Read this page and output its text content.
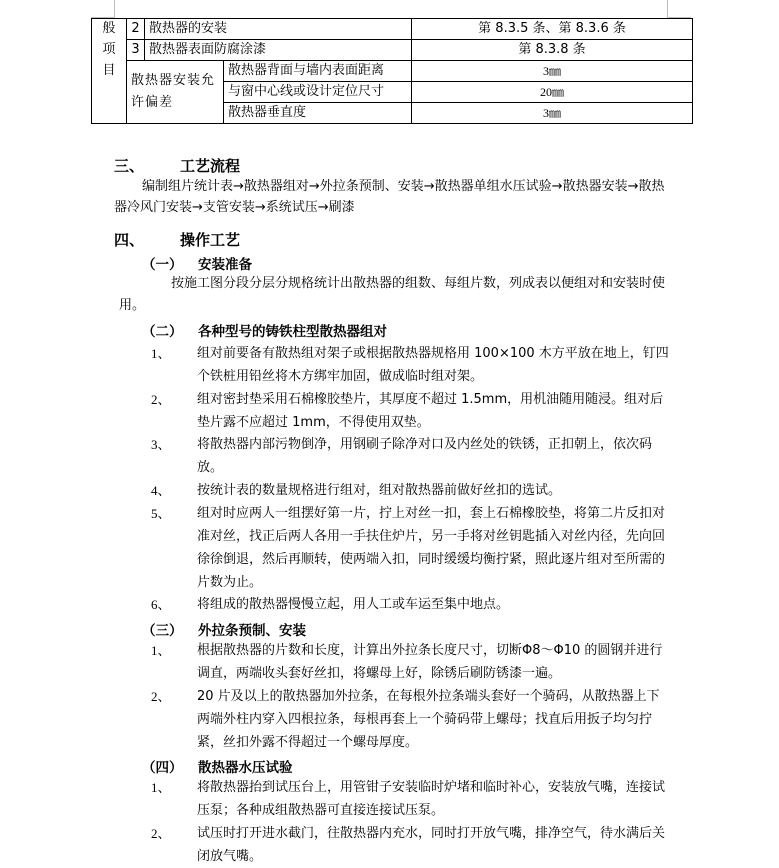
般
项
目	2	散热器的安装		第 8.3.5 条、第 8.3.6 条
	3	散热器表面防腐涂漆		第 8.3.8 条
	散热器安装允许偏差		散热器背面与墙内表面距离	3㎜
			与窗中心线或设计定位尺寸	20㎜
			散热器垂直度	3㎜
三、 工艺流程
编制组片统计表→散热器组对→外拉条预制、安装→散热器单组水压试验→散热器安装→散热器冷风门安装→支管安装→系统试压→刷漆
四、 操作工艺
（一） 安装准备
按施工图分段分层分规格统计出散热器的组数、每组片数，列成表以便组对和安装时使用。
（二） 各种型号的铸铁柱型散热器组对
1、 组对前要备有散热组对架子或根据散热器规格用 100×100 木方平放在地上，钉四个铁桩用铅丝将木方绑牢加固，做成临时组对架。
2、 组对密封垫采用石棉橡胶垫片，其厚度不超过 1.5mm，用机油随用随浸。组对后垫片露不应超过 1mm，不得使用双垫。
3、 将散热器内部污物倒净，用钢刷子除净对口及内丝处的铁锈，正扣朝上，依次码放。
4、 按统计表的数量规格进行组对，组对散热器前做好丝扣的选试。
5、 组对时应两人一组摆好第一片，拧上对丝一扣，套上石棉橡胶垫，将第二片反扣对准对丝，找正后两人各用一手扶住炉片，另一手将对丝钥匙插入对丝内径，先向回徐徐倒退，然后再顺转，使两端入扣，同时缓缓均衡拧紧，照此逐片组对至所需的片数为止。
6、 将组成的散热器慢慢立起，用人工或车运至集中地点。
（三） 外拉条预制、安装
1、 根据散热器的片数和长度，计算出外拉条长度尺寸，切断Φ8～Φ10 的圆钢并进行调直，两端收头套好丝扣，将螺母上好，除锈后刷防锈漆一遍。
2、 20 片及以上的散热器加外拉条，在每根外拉条端头套好一个骑码，从散热器上下两端外柱内穿入四根拉条，每根再套上一个骑码带上螺母；找直后用扳子均匀拧紧，丝扣外露不得超过一个螺母厚度。
（四） 散热器水压试验
1、 将散热器抬到试压台上，用管钳子安装临时炉堵和临时补心，安装放气嘴，连接试压泵；各种成组散热器可直接连接试压泵。
2、 试压时打开进水截门，往散热器内充水，同时打开放气嘴，排净空气，待水满后关闭放气嘴。
